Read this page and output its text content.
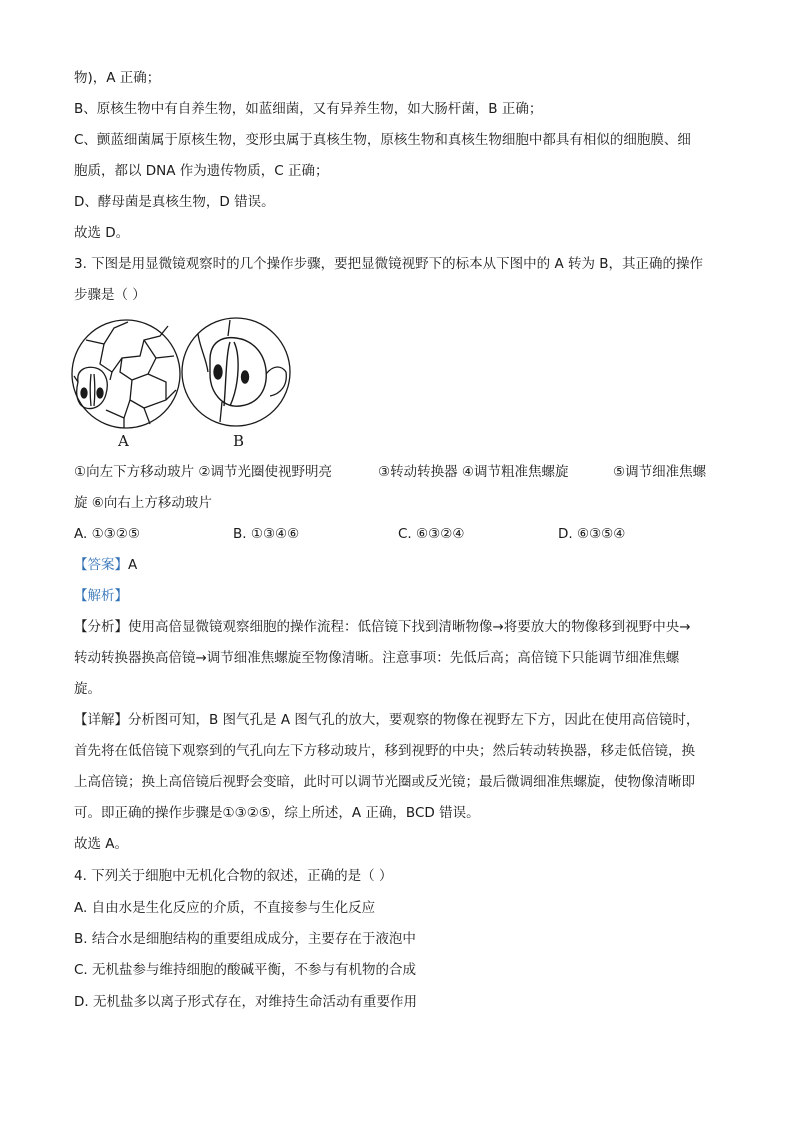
物)，A 正确；
B、原核生物中有自养生物，如蓝细菌，又有异养生物，如大肠杆菌，B 正确；
C、颤蓝细菌属于原核生物，变形虫属于真核生物，原核生物和真核生物细胞中都具有相似的细胞膜、细
胞质，都以 DNA 作为遗传物质，C 正确；
D、酵母菌是真核生物，D 错误。
故选 D。
3. 下图是用显微镜观察时的几个操作步骤，要把显微镜视野下的标本从下图中的 A 转为 B，其正确的操作
步骤是（ ）
A	B
①向左下方移动玻片 ②调节光圈使视野明亮	③转动转换器 ④调节粗准焦螺旋	⑤调节细准焦螺
旋 ⑥向右上方移动玻片
A. ①③②⑤	B. ①③④⑥	C. ⑥③②④	D. ⑥③⑤④
【答案】A
【解析】
【分析】使用高倍显微镜观察细胞的操作流程：低倍镜下找到清晰物像→将要放大的物像移到视野中央→
转动转换器换高倍镜→调节细准焦螺旋至物像清晰。注意事项：先低后高；高倍镜下只能调节细准焦螺
旋。
【详解】分析图可知，B 图气孔是 A 图气孔的放大，要观察的物像在视野左下方，因此在使用高倍镜时，
首先将在低倍镜下观察到的气孔向左下方移动玻片，移到视野的中央；然后转动转换器，移走低倍镜，换
上高倍镜；换上高倍镜后视野会变暗，此时可以调节光圈或反光镜；最后微调细准焦螺旋，使物像清晰即
可。即正确的操作步骤是①③②⑤，综上所述，A 正确，BCD 错误。
故选 A。
4. 下列关于细胞中无机化合物的叙述，正确的是（ ）
A. 自由水是生化反应的介质，不直接参与生化反应
B. 结合水是细胞结构的重要组成成分，主要存在于液泡中
C. 无机盐参与维持细胞的酸碱平衡，不参与有机物的合成
D. 无机盐多以离子形式存在，对维持生命活动有重要作用
